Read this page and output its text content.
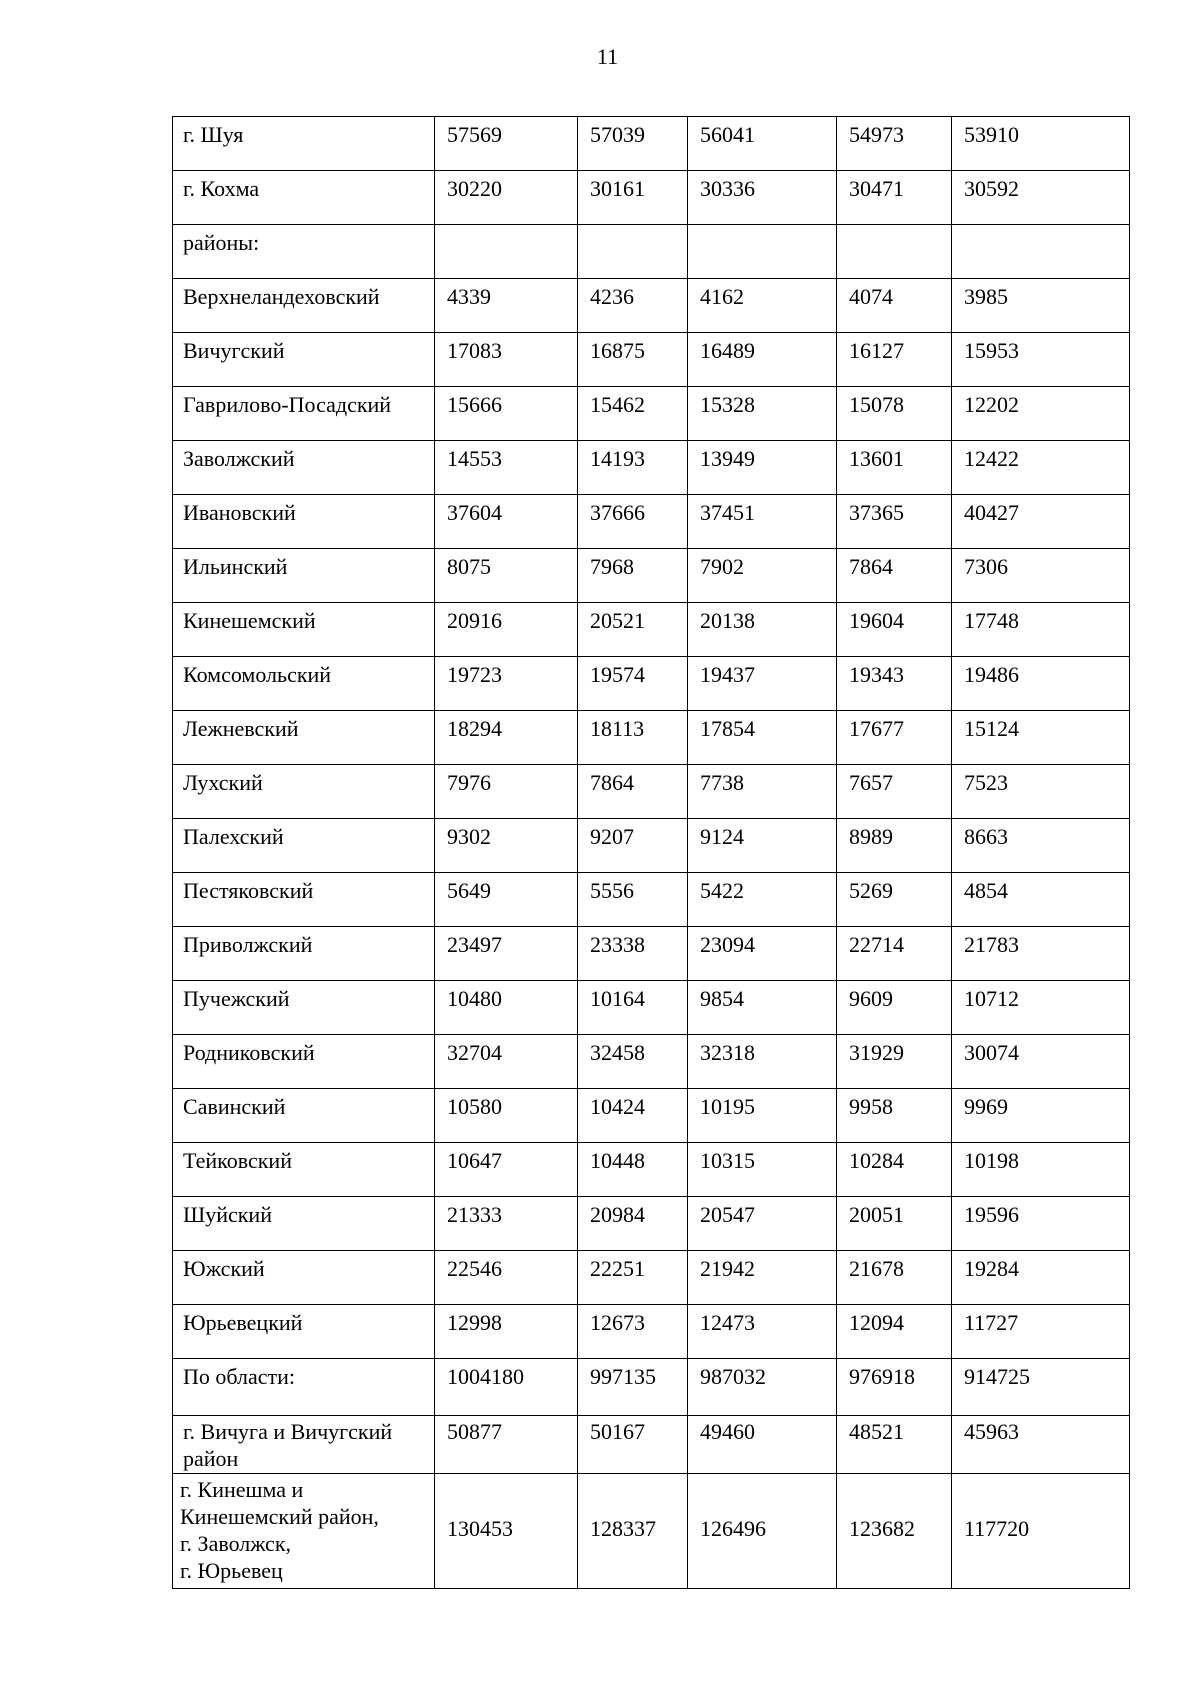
11
г. Шуя	57569	57039	56041	54973	53910
г. Кохма	30220	30161	30336	30471	30592
районы:					
Верхнеландеховский	4339	4236	4162	4074	3985
Вичугский	17083	16875	16489	16127	15953
Гаврилово-Посадский	15666	15462	15328	15078	12202
Заволжский	14553	14193	13949	13601	12422
Ивановский	37604	37666	37451	37365	40427
Ильинский	8075	7968	7902	7864	7306
Кинешемский	20916	20521	20138	19604	17748
Комсомольский	19723	19574	19437	19343	19486
Лежневский	18294	18113	17854	17677	15124
Лухский	7976	7864	7738	7657	7523
Палехский	9302	9207	9124	8989	8663
Пестяковский	5649	5556	5422	5269	4854
Приволжский	23497	23338	23094	22714	21783
Пучежский	10480	10164	9854	9609	10712
Родниковский	32704	32458	32318	31929	30074
Савинский	10580	10424	10195	9958	9969
Тейковский	10647	10448	10315	10284	10198
Шуйский	21333	20984	20547	20051	19596
Южский	22546	22251	21942	21678	19284
Юрьевецкий	12998	12673	12473	12094	11727
По области:	1004180	997135	987032	976918	914725

г. Вичуга и Вичугский
район	50877	50167	49460	48521	45963

г. Кинешма и
Кинешемский район,
г. Заволжск,
г. Юрьевец	130453	128337	126496	123682	117720
